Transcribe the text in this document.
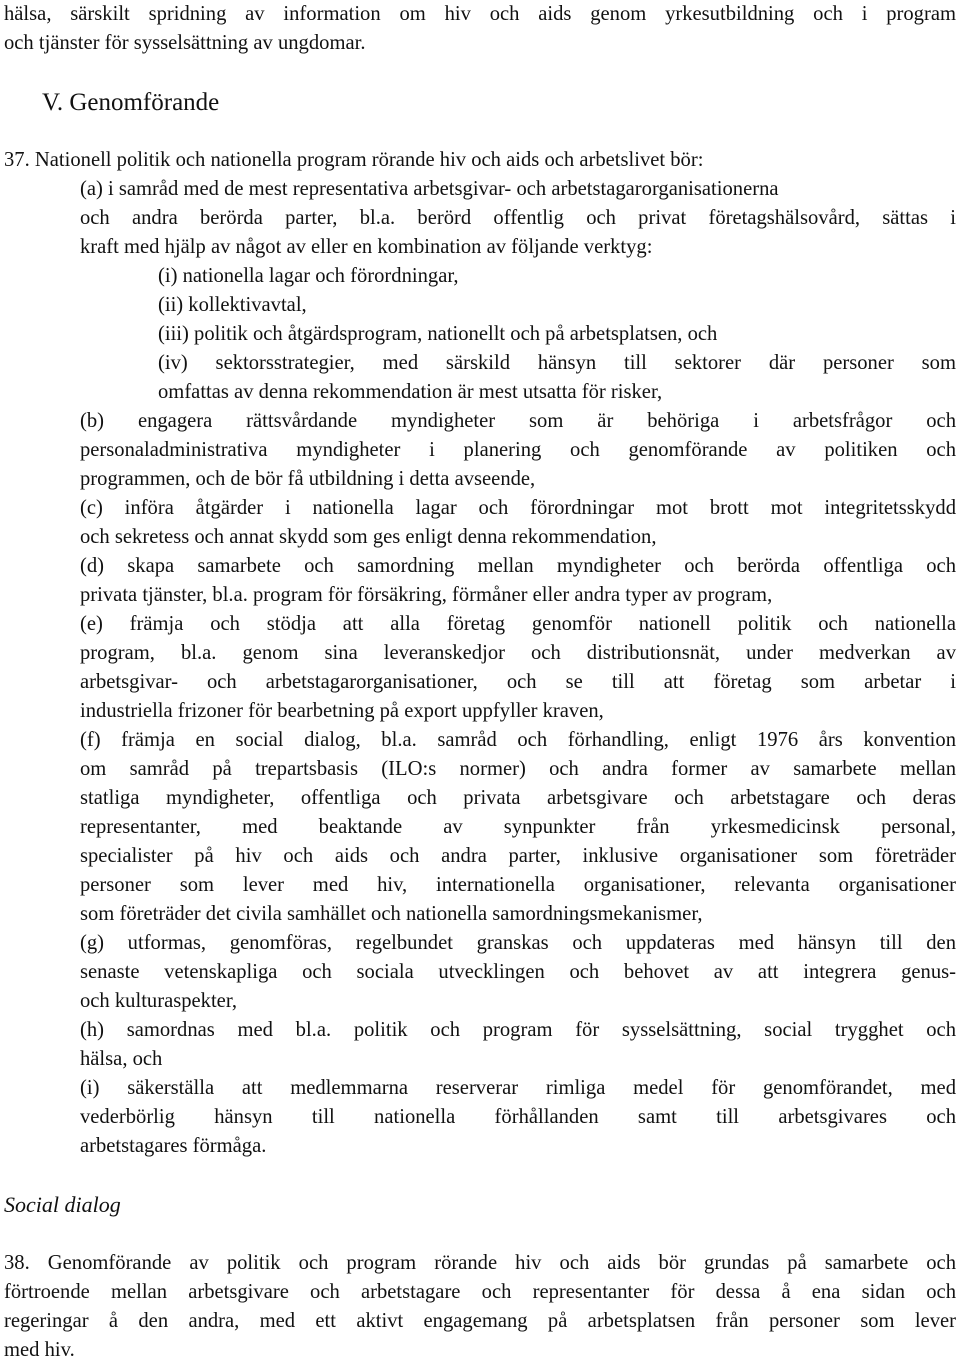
hälsa, särskilt spridning av information om hiv och aids genom yrkesutbildning och i program
och tjänster för sysselsättning av ungdomar.
V. Genomförande
37. Nationell politik och nationella program rörande hiv och aids och arbetslivet bör:
(a) i samråd med de mest representativa arbetsgivar- och arbetstagarorganisationerna
och andra berörda parter, bl.a. berörd offentlig och privat företagshälsovård, sättas i
kraft med hjälp av något av eller en kombination av följande verktyg:
(i) nationella lagar och förordningar,
(ii) kollektivavtal,
(iii) politik och åtgärdsprogram, nationellt och på arbetsplatsen, och
(iv) sektorsstrategier, med särskild hänsyn till sektorer där personer som
omfattas av denna rekommendation är mest utsatta för risker,
(b) engagera rättsvårdande myndigheter som är behöriga i arbetsfrågor och
personaladministrativa myndigheter i planering och genomförande av politiken och
programmen, och de bör få utbildning i detta avseende,
(c) införa åtgärder i nationella lagar och förordningar mot brott mot integritetsskydd
och sekretess och annat skydd som ges enligt denna rekommendation,
(d) skapa samarbete och samordning mellan myndigheter och berörda offentliga och
privata tjänster, bl.a. program för försäkring, förmåner eller andra typer av program,
(e) främja och stödja att alla företag genomför nationell politik och nationella
program, bl.a. genom sina leveranskedjor och distributionsnät, under medverkan av
arbetsgivar- och arbetstagarorganisationer, och se till att företag som arbetar i
industriella frizoner för bearbetning på export uppfyller kraven,
(f) främja en social dialog, bl.a. samråd och förhandling, enligt 1976 års konvention
om samråd på trepartsbasis (ILO:s normer) och andra former av samarbete mellan
statliga myndigheter, offentliga och privata arbetsgivare och arbetstagare och deras
representanter, med beaktande av synpunkter från yrkesmedicinsk personal,
specialister på hiv och aids och andra parter, inklusive organisationer som företräder
personer som lever med hiv, internationella organisationer, relevanta organisationer
som företräder det civila samhället och nationella samordningsmekanismer,
(g) utformas, genomföras, regelbundet granskas och uppdateras med hänsyn till den
senaste vetenskapliga och sociala utvecklingen och behovet av att integrera genus-
och kulturaspekter,
(h) samordnas med bl.a. politik och program för sysselsättning, social trygghet och
hälsa, och
(i) säkerställa att medlemmarna reserverar rimliga medel för genomförandet, med
vederbörlig hänsyn till nationella förhållanden samt till arbetsgivares och
arbetstagares förmåga.
Social dialog
38. Genomförande av politik och program rörande hiv och aids bör grundas på samarbete och
förtroende mellan arbetsgivare och arbetstagare och representanter för dessa å ena sidan och
regeringar å den andra, med ett aktivt engagemang på arbetsplatsen från personer som lever
med hiv.
